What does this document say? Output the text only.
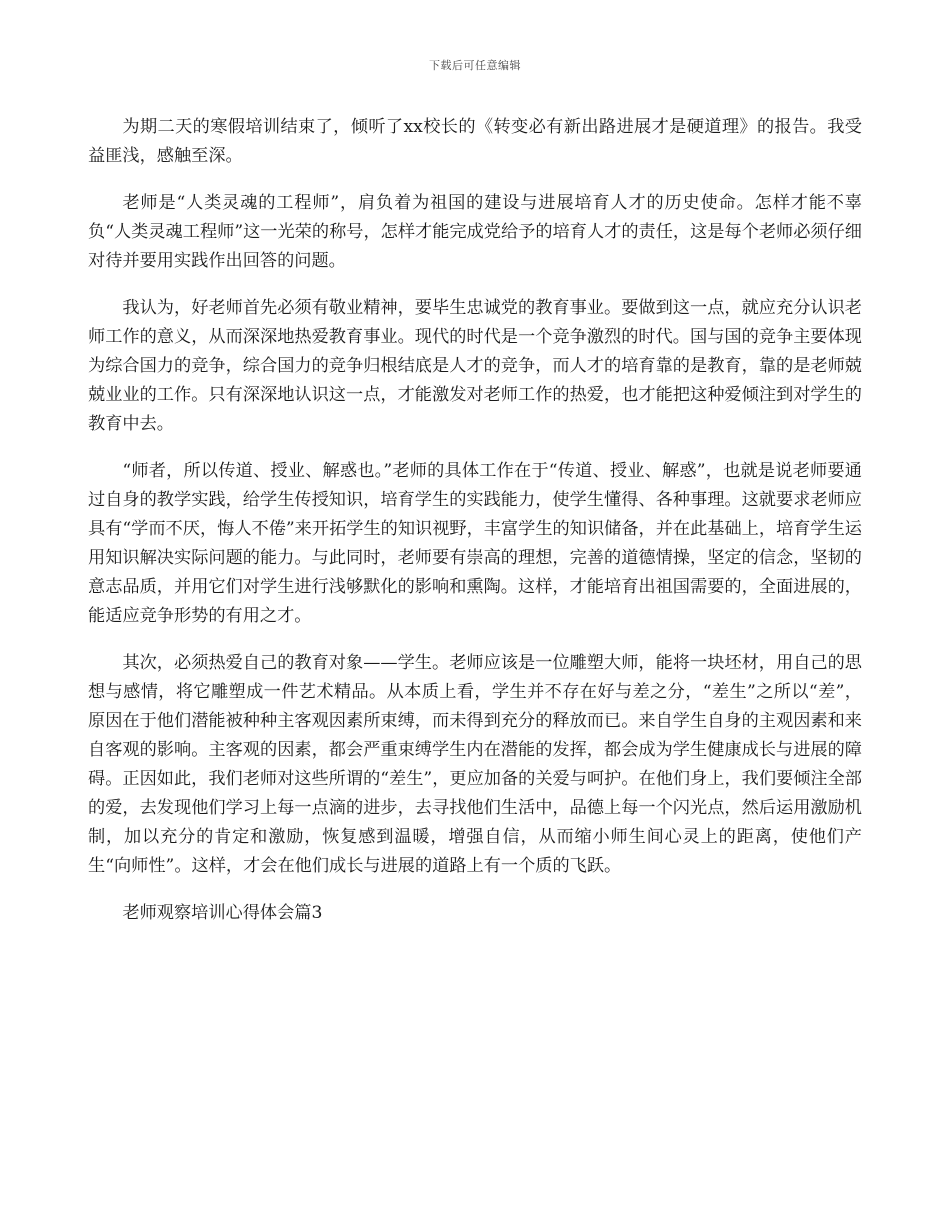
下载后可任意编辑

为期二天的寒假培训结束了，倾听了xx校长的《转变必有新出路进展才是硬道理》的报告。我受益匪浅，感触至深。

老师是“人类灵魂的工程师”，肩负着为祖国的建设与进展培育人才的历史使命。怎样才能不辜负“人类灵魂工程师”这一光荣的称号，怎样才能完成党给予的培育人才的责任，这是每个老师必须仔细对待并要用实践作出回答的问题。

我认为，好老师首先必须有敬业精神，要毕生忠诚党的教育事业。要做到这一点，就应充分认识老师工作的意义，从而深深地热爱教育事业。现代的时代是一个竞争激烈的时代。国与国的竞争主要体现为综合国力的竞争，综合国力的竞争归根结底是人才的竞争，而人才的培育靠的是教育，靠的是老师兢兢业业的工作。只有深深地认识这一点，才能激发对老师工作的热爱，也才能把这种爱倾注到对学生的教育中去。

“师者，所以传道、授业、解惑也。”老师的具体工作在于“传道、授业、解惑”，也就是说老师要通过自身的教学实践，给学生传授知识，培育学生的实践能力，使学生懂得、各种事理。这就要求老师应具有“学而不厌，悔人不倦”来开拓学生的知识视野，丰富学生的知识储备，并在此基础上，培育学生运用知识解决实际问题的能力。与此同时，老师要有崇高的理想，完善的道德情操，坚定的信念，坚韧的意志品质，并用它们对学生进行浅够默化的影响和熏陶。这样，才能培育出祖国需要的，全面进展的，能适应竞争形势的有用之才。

其次，必须热爱自己的教育对象——学生。老师应该是一位雕塑大师，能将一块坯材，用自己的思想与感情，将它雕塑成一件艺术精品。从本质上看，学生并不存在好与差之分，“差生”之所以“差”，原因在于他们潜能被种种主客观因素所束缚，而未得到充分的释放而已。来自学生自身的主观因素和来自客观的影响。主客观的因素，都会严重束缚学生内在潜能的发挥，都会成为学生健康成长与进展的障碍。正因如此，我们老师对这些所谓的“差生”，更应加备的关爱与呵护。在他们身上，我们要倾注全部的爱，去发现他们学习上每一点滴的进步，去寻找他们生活中，品德上每一个闪光点，然后运用激励机制，加以充分的肯定和激励，恢复感到温暖，增强自信，从而缩小师生间心灵上的距离，使他们产生“向师性”。这样，才会在他们成长与进展的道路上有一个质的飞跃。

老师观察培训心得体会篇3
